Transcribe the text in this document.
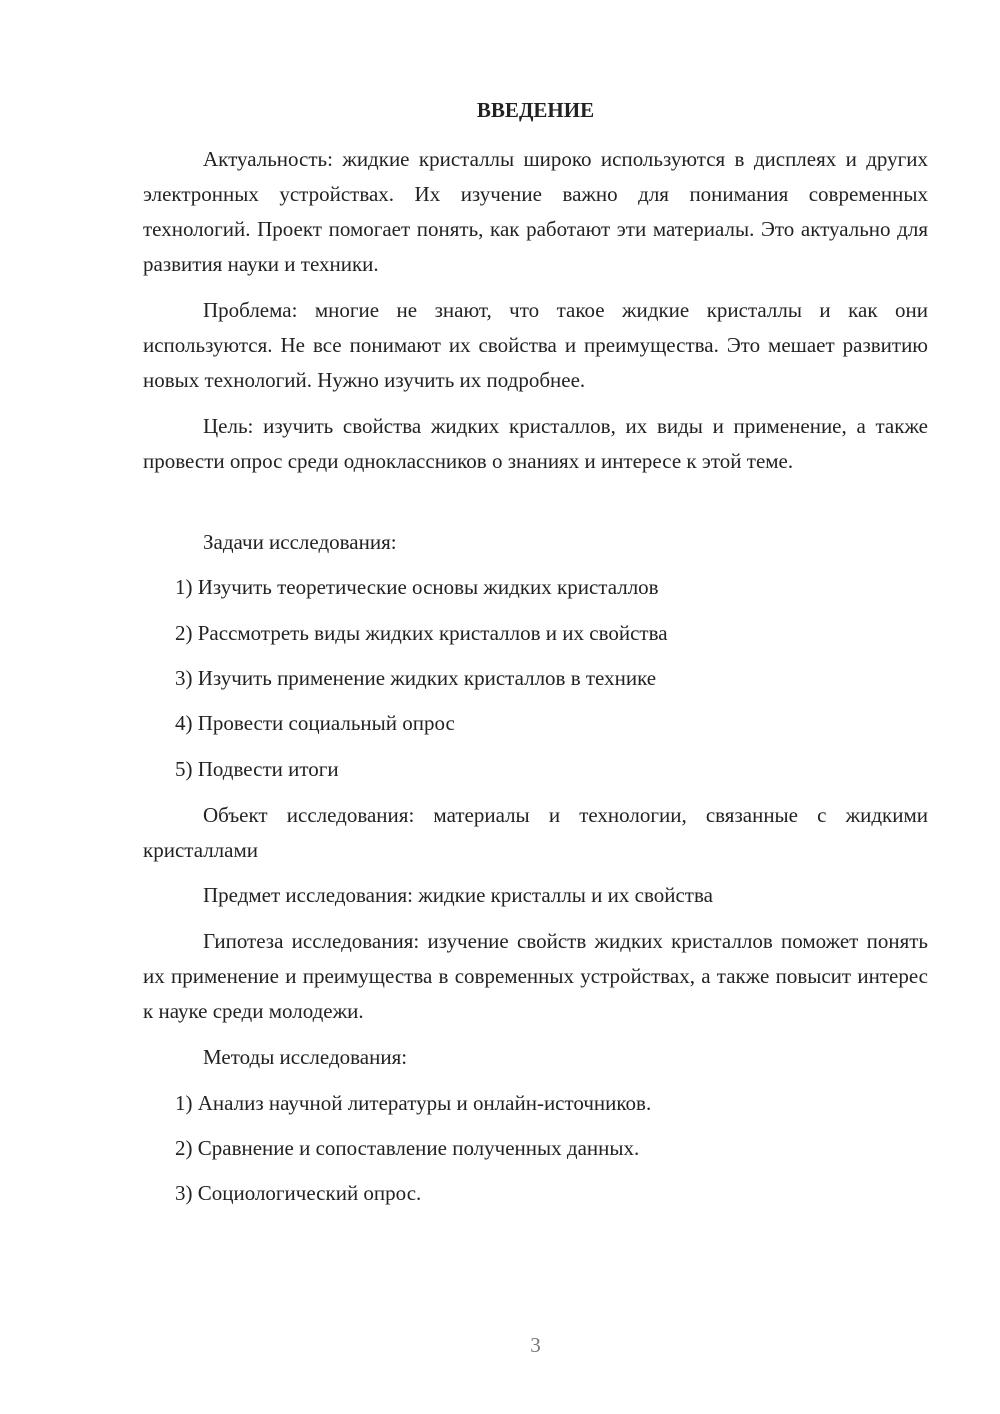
ВВЕДЕНИЕ

Актуальность: жидкие кристаллы широко используются в дисплеях и других электронных устройствах. Их изучение важно для понимания современных технологий. Проект помогает понять, как работают эти материалы. Это актуально для развития науки и техники.

Проблема: многие не знают, что такое жидкие кристаллы и как они используются. Не все понимают их свойства и преимущества. Это мешает развитию новых технологий. Нужно изучить их подробнее.

Цель: изучить свойства жидких кристаллов, их виды и применение, а также провести опрос среди одноклассников о знаниях и интересе к этой теме.

Задачи исследования:

1) Изучить теоретические основы жидких кристаллов

2) Рассмотреть виды жидких кристаллов и их свойства

3) Изучить применение жидких кристаллов в технике

4) Провести социальный опрос

5) Подвести итоги

Объект исследования: материалы и технологии, связанные с жидкими кристаллами

Предмет исследования: жидкие кристаллы и их свойства

Гипотеза исследования: изучение свойств жидких кристаллов поможет понять их применение и преимущества в современных устройствах, а также повысит интерес к науке среди молодежи.

Методы исследования:

1) Анализ научной литературы и онлайн-источников.

2) Сравнение и сопоставление полученных данных.

3) Социологический опрос.

3
